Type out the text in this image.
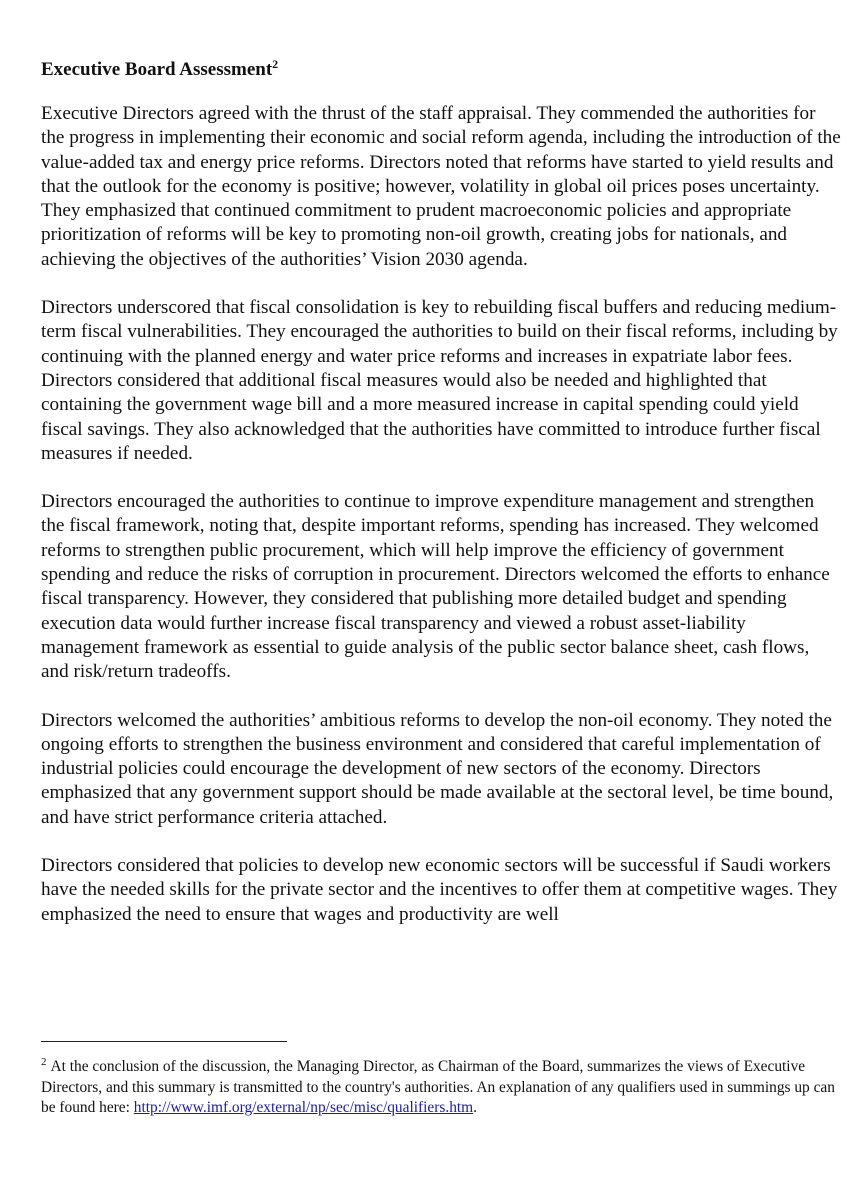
Executive Board Assessment$^2$

Executive Directors agreed with the thrust of the staff appraisal. They commended the authorities for the progress in implementing their economic and social reform agenda, including the introduction of the value-added tax and energy price reforms. Directors noted that reforms have started to yield results and that the outlook for the economy is positive; however, volatility in global oil prices poses uncertainty. They emphasized that continued commitment to prudent macroeconomic policies and appropriate prioritization of reforms will be key to promoting non-oil growth, creating jobs for nationals, and achieving the objectives of the authorities’ Vision 2030 agenda.

Directors underscored that fiscal consolidation is key to rebuilding fiscal buffers and reducing medium-term fiscal vulnerabilities. They encouraged the authorities to build on their fiscal reforms, including by continuing with the planned energy and water price reforms and increases in expatriate labor fees. Directors considered that additional fiscal measures would also be needed and highlighted that containing the government wage bill and a more measured increase in capital spending could yield fiscal savings. They also acknowledged that the authorities have committed to introduce further fiscal measures if needed.

Directors encouraged the authorities to continue to improve expenditure management and strengthen the fiscal framework, noting that, despite important reforms, spending has increased. They welcomed reforms to strengthen public procurement, which will help improve the efficiency of government spending and reduce the risks of corruption in procurement. Directors welcomed the efforts to enhance fiscal transparency. However, they considered that publishing more detailed budget and spending execution data would further increase fiscal transparency and viewed a robust asset-liability management framework as essential to guide analysis of the public sector balance sheet, cash flows, and risk/return tradeoffs.

Directors welcomed the authorities’ ambitious reforms to develop the non-oil economy. They noted the ongoing efforts to strengthen the business environment and considered that careful implementation of industrial policies could encourage the development of new sectors of the economy. Directors emphasized that any government support should be made available at the sectoral level, be time bound, and have strict performance criteria attached.

Directors considered that policies to develop new economic sectors will be successful if Saudi workers have the needed skills for the private sector and the incentives to offer them at competitive wages. They emphasized the need to ensure that wages and productivity are well

$^2$ At the conclusion of the discussion, the Managing Director, as Chairman of the Board, summarizes the views of Executive Directors, and this summary is transmitted to the country's authorities. An explanation of any qualifiers used in summings up can be found here: http://www.imf.org/external/np/sec/misc/qualifiers.htm.
